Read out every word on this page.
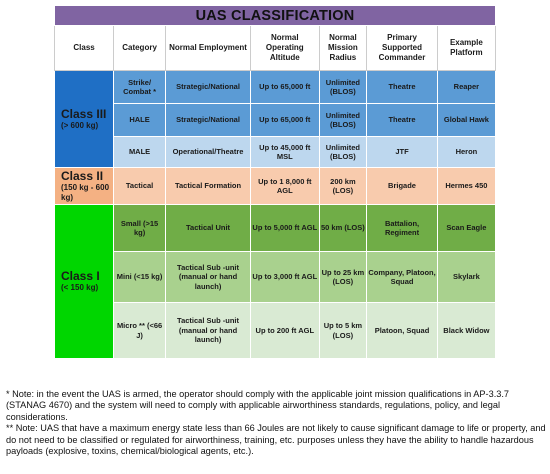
UAS CLASSIFICATION						
Class	Category	Normal Employment	Normal Operating Altitude	Normal Mission Radius	Primary Supported Commander	Example Platform

Class III
(> 600 kg)	Strike/ Combat *	Strategic/National	Up to 65,000 ft	Unlimited (BLOS)	Theatre	Reaper
	HALE	Strategic/National	Up to 65,000 ft	Unlimited (BLOS)	Theatre	Global Hawk
	MALE	Operational/Theatre	Up to 45,000 ft MSL	Unlimited (BLOS)	JTF	Heron

Class II
(150 kg - 600 kg)	Tactical	Tactical Formation	Up to 1 8,000 ft AGL	200 km (LOS)	Brigade	Hermes 450

Class I
(< 150 kg)	Small (>15 kg)	Tactical Unit	Up to 5,000 ft AGL	50 km (LOS)	Battalion, Regiment	Scan Eagle
	Mini (<15 kg)	Tactical Sub -unit (manual or hand launch)	Up to 3,000 ft AGL	Up to 25 km (LOS)	Company, Platoon, Squad	Skylark
	Micro ** (<66 J)	Tactical Sub -unit (manual or hand launch)	Up to 200 ft AGL	Up to 5 km (LOS)	Platoon, Squad	Black Widow

* Note: in the event the UAS is armed, the operator should comply with the applicable joint mission qualifications in AP-3.3.7 (STANAG 4670) and the system will need to comply with applicable airworthiness standards, regulations, policy, and legal considerations.

** Note: UAS that have a maximum energy state less than 66 Joules are not likely to cause significant damage to life or property, and do not need to be classified or regulated for airworthiness, training, etc. purposes unless they have the ability to handle hazardous payloads (explosive, toxins, chemical/biological agents, etc.).
